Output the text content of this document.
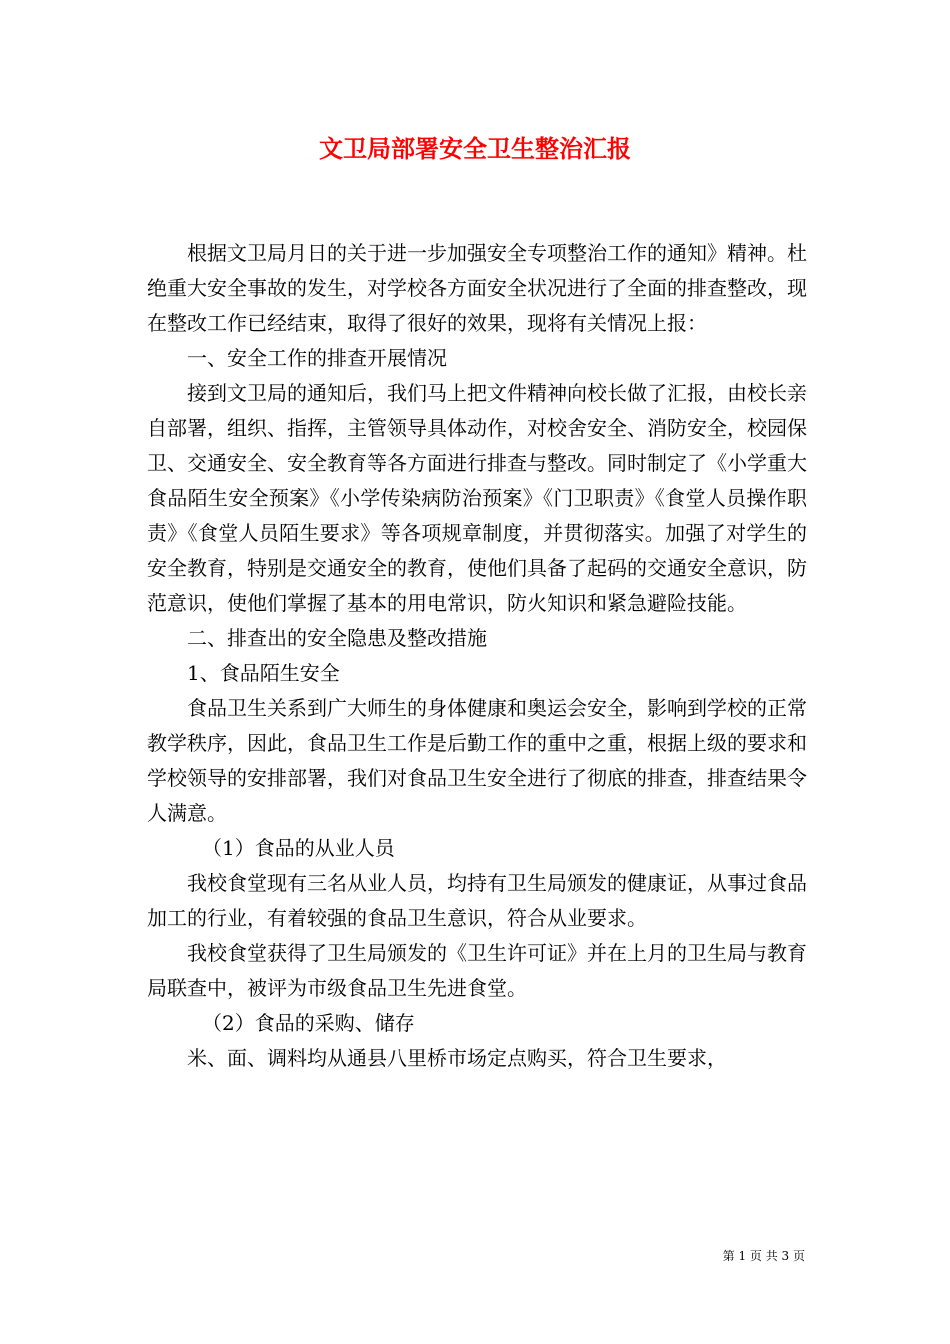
文卫局部署安全卫生整治汇报

根据文卫局月日的关于进一步加强安全专项整治工作的通知》精神。杜绝重大安全事故的发生，对学校各方面安全状况进行了全面的排查整改，现在整改工作已经结束，取得了很好的效果，现将有关情况上报：

一、安全工作的排查开展情况

接到文卫局的通知后，我们马上把文件精神向校长做了汇报，由校长亲自部署，组织、指挥，主管领导具体动作，对校舍安全、消防安全，校园保卫、交通安全、安全教育等各方面进行排查与整改。同时制定了《小学重大食品陌生安全预案》《小学传染病防治预案》《门卫职责》《食堂人员操作职责》《食堂人员陌生要求》等各项规章制度，并贯彻落实。加强了对学生的安全教育，特别是交通安全的教育，使他们具备了起码的交通安全意识，防范意识，使他们掌握了基本的用电常识，防火知识和紧急避险技能。

二、排查出的安全隐患及整改措施

1、食品陌生安全

食品卫生关系到广大师生的身体健康和奥运会安全，影响到学校的正常教学秩序，因此，食品卫生工作是后勤工作的重中之重，根据上级的要求和学校领导的安排部署，我们对食品卫生安全进行了彻底的排查，排查结果令人满意。

（1）食品的从业人员

我校食堂现有三名从业人员，均持有卫生局颁发的健康证，从事过食品加工的行业，有着较强的食品卫生意识，符合从业要求。

我校食堂获得了卫生局颁发的《卫生许可证》并在上月的卫生局与教育局联查中，被评为市级食品卫生先进食堂。

（2）食品的采购、储存

米、面、调料均从通县八里桥市场定点购买，符合卫生要求，

第 1 页 共 3 页
